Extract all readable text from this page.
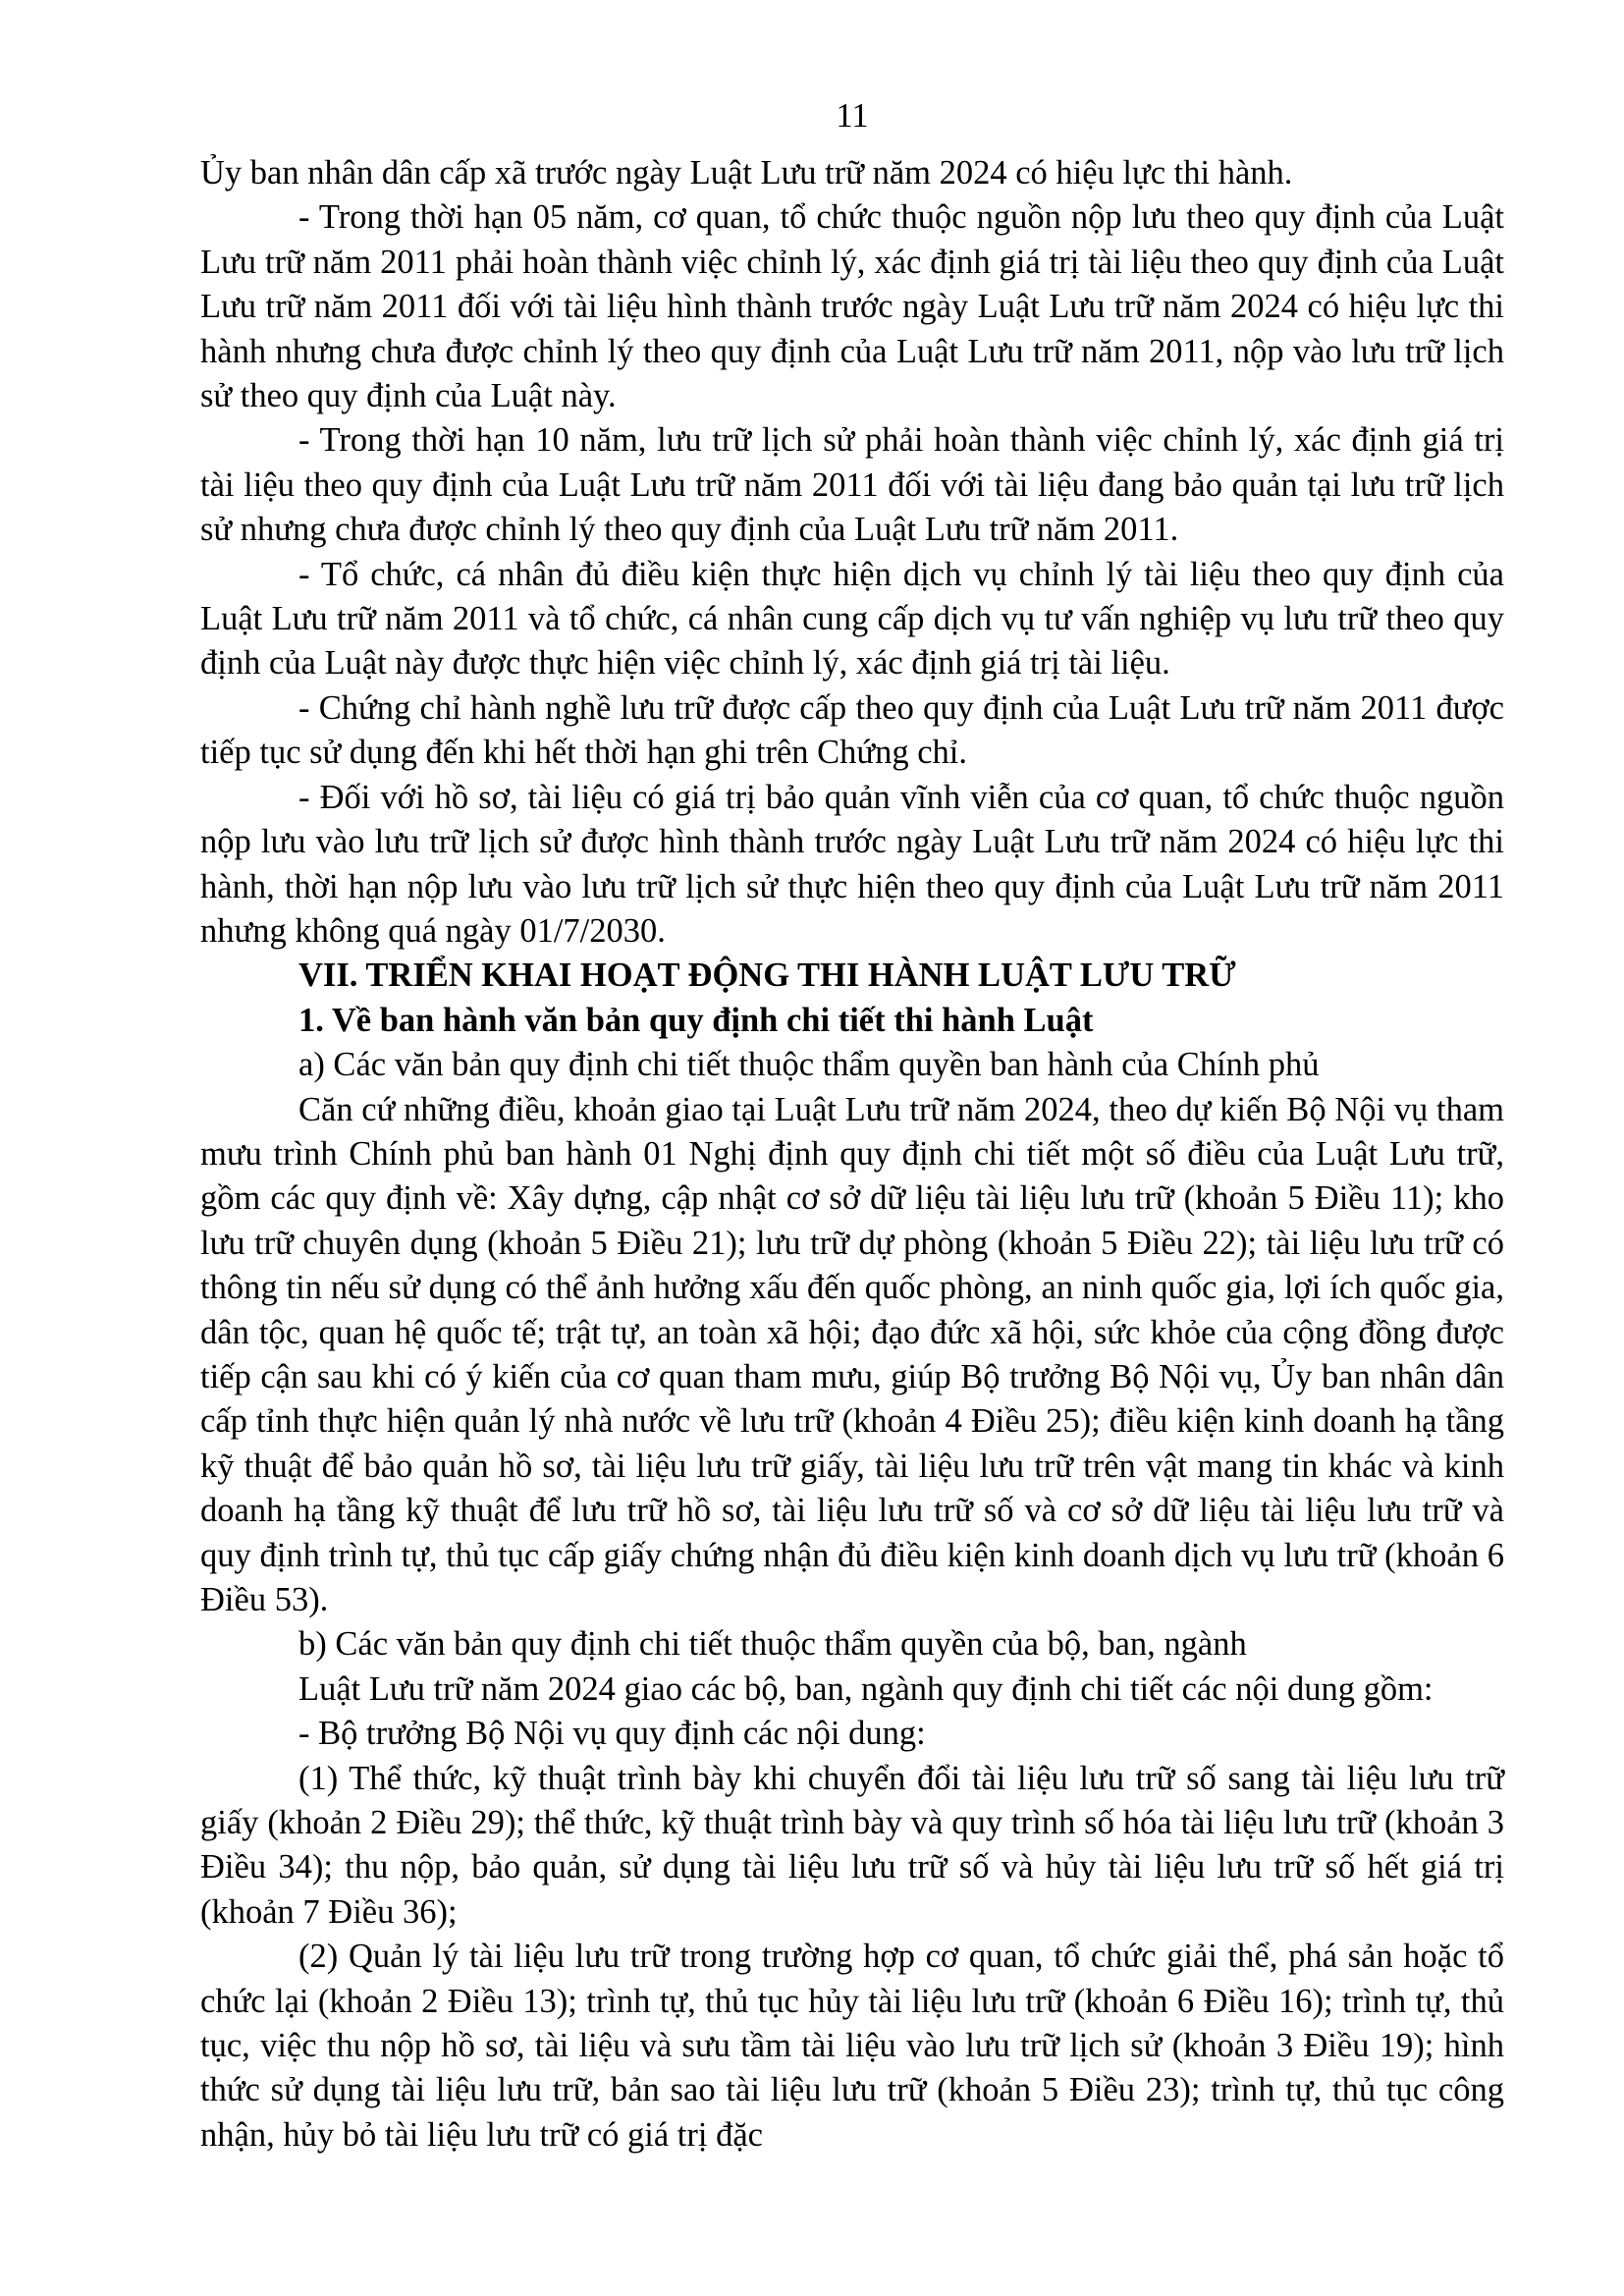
11

Ủy ban nhân dân cấp xã trước ngày Luật Lưu trữ năm 2024 có hiệu lực thi hành.

- Trong thời hạn 05 năm, cơ quan, tổ chức thuộc nguồn nộp lưu theo quy định của Luật Lưu trữ năm 2011 phải hoàn thành việc chỉnh lý, xác định giá trị tài liệu theo quy định của Luật Lưu trữ năm 2011 đối với tài liệu hình thành trước ngày Luật Lưu trữ năm 2024 có hiệu lực thi hành nhưng chưa được chỉnh lý theo quy định của Luật Lưu trữ năm 2011, nộp vào lưu trữ lịch sử theo quy định của Luật này.

- Trong thời hạn 10 năm, lưu trữ lịch sử phải hoàn thành việc chỉnh lý, xác định giá trị tài liệu theo quy định của Luật Lưu trữ năm 2011 đối với tài liệu đang bảo quản tại lưu trữ lịch sử nhưng chưa được chỉnh lý theo quy định của Luật Lưu trữ năm 2011.

- Tổ chức, cá nhân đủ điều kiện thực hiện dịch vụ chỉnh lý tài liệu theo quy định của Luật Lưu trữ năm 2011 và tổ chức, cá nhân cung cấp dịch vụ tư vấn nghiệp vụ lưu trữ theo quy định của Luật này được thực hiện việc chỉnh lý, xác định giá trị tài liệu.

- Chứng chỉ hành nghề lưu trữ được cấp theo quy định của Luật Lưu trữ năm 2011 được tiếp tục sử dụng đến khi hết thời hạn ghi trên Chứng chỉ.

- Đối với hồ sơ, tài liệu có giá trị bảo quản vĩnh viễn của cơ quan, tổ chức thuộc nguồn nộp lưu vào lưu trữ lịch sử được hình thành trước ngày Luật Lưu trữ năm 2024 có hiệu lực thi hành, thời hạn nộp lưu vào lưu trữ lịch sử thực hiện theo quy định của Luật Lưu trữ năm 2011 nhưng không quá ngày 01/7/2030.

VII. TRIỂN KHAI HOẠT ĐỘNG THI HÀNH LUẬT LƯU TRỮ

1. Về ban hành văn bản quy định chi tiết thi hành Luật

a) Các văn bản quy định chi tiết thuộc thẩm quyền ban hành của Chính phủ

Căn cứ những điều, khoản giao tại Luật Lưu trữ năm 2024, theo dự kiến Bộ Nội vụ tham mưu trình Chính phủ ban hành 01 Nghị định quy định chi tiết một số điều của Luật Lưu trữ, gồm các quy định về: Xây dựng, cập nhật cơ sở dữ liệu tài liệu lưu trữ (khoản 5 Điều 11); kho lưu trữ chuyên dụng (khoản 5 Điều 21); lưu trữ dự phòng (khoản 5 Điều 22); tài liệu lưu trữ có thông tin nếu sử dụng có thể ảnh hưởng xấu đến quốc phòng, an ninh quốc gia, lợi ích quốc gia, dân tộc, quan hệ quốc tế; trật tự, an toàn xã hội; đạo đức xã hội, sức khỏe của cộng đồng được tiếp cận sau khi có ý kiến của cơ quan tham mưu, giúp Bộ trưởng Bộ Nội vụ, Ủy ban nhân dân cấp tỉnh thực hiện quản lý nhà nước về lưu trữ (khoản 4 Điều 25); điều kiện kinh doanh hạ tầng kỹ thuật để bảo quản hồ sơ, tài liệu lưu trữ giấy, tài liệu lưu trữ trên vật mang tin khác và kinh doanh hạ tầng kỹ thuật để lưu trữ hồ sơ, tài liệu lưu trữ số và cơ sở dữ liệu tài liệu lưu trữ và quy định trình tự, thủ tục cấp giấy chứng nhận đủ điều kiện kinh doanh dịch vụ lưu trữ (khoản 6 Điều 53).

b) Các văn bản quy định chi tiết thuộc thẩm quyền của bộ, ban, ngành

Luật Lưu trữ năm 2024 giao các bộ, ban, ngành quy định chi tiết các nội dung gồm:

- Bộ trưởng Bộ Nội vụ quy định các nội dung:

(1) Thể thức, kỹ thuật trình bày khi chuyển đổi tài liệu lưu trữ số sang tài liệu lưu trữ giấy (khoản 2 Điều 29); thể thức, kỹ thuật trình bày và quy trình số hóa tài liệu lưu trữ (khoản 3 Điều 34); thu nộp, bảo quản, sử dụng tài liệu lưu trữ số và hủy tài liệu lưu trữ số hết giá trị (khoản 7 Điều 36);

(2) Quản lý tài liệu lưu trữ trong trường hợp cơ quan, tổ chức giải thể, phá sản hoặc tổ chức lại (khoản 2 Điều 13); trình tự, thủ tục hủy tài liệu lưu trữ (khoản 6 Điều 16); trình tự, thủ tục, việc thu nộp hồ sơ, tài liệu và sưu tầm tài liệu vào lưu trữ lịch sử (khoản 3 Điều 19); hình thức sử dụng tài liệu lưu trữ, bản sao tài liệu lưu trữ (khoản 5 Điều 23); trình tự, thủ tục công nhận, hủy bỏ tài liệu lưu trữ có giá trị đặc
